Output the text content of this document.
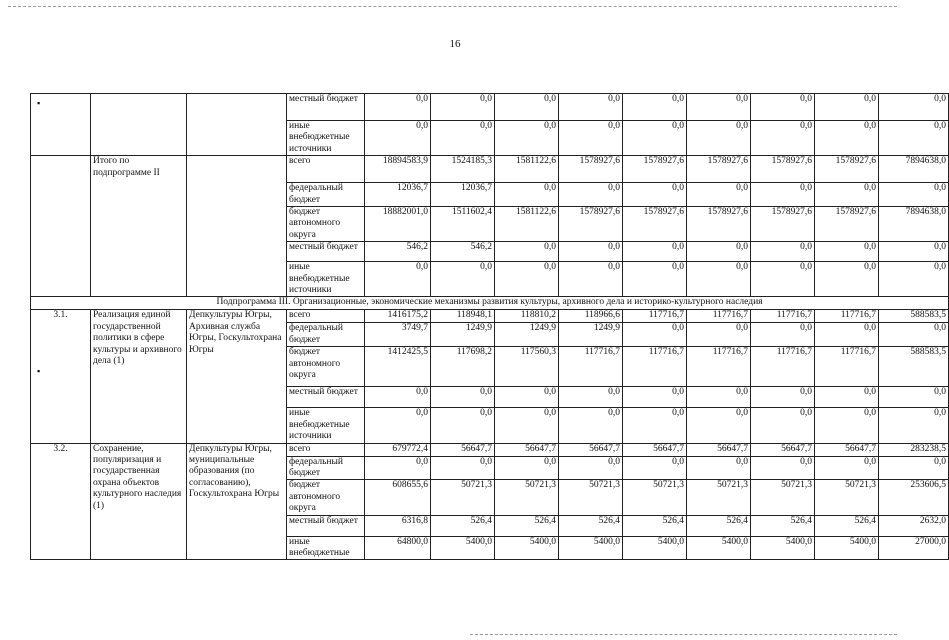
16
			местный бюджет	0,0	0,0	0,0	0,0	0,0	0,0	0,0	0,0	0,0
			иные внебюджетные источники	0,0	0,0	0,0	0,0	0,0	0,0	0,0	0,0	0,0
	Итого по подпрограмме II		всего	18894583,9	1524185,3	1581122,6	1578927,6	1578927,6	1578927,6	1578927,6	1578927,6	7894638,0
			федеральный бюджет	12036,7	12036,7	0,0	0,0	0,0	0,0	0,0	0,0	0,0
			бюджет автономного округа	18882001,0	1511602,4	1581122,6	1578927,6	1578927,6	1578927,6	1578927,6	1578927,6	7894638,0
			местный бюджет	546,2	546,2	0,0	0,0	0,0	0,0	0,0	0,0	0,0
			иные внебюджетные источники	0,0	0,0	0,0	0,0	0,0	0,0	0,0	0,0	0,0
Подпрограмма III. Организационные, экономические механизмы развития культуры, архивного дела и историко-культурного наследия												
3.1.	Реализация единой государственной политики в сфере культуры и архивного дела (1)	Депкультуры Югры, Архивная служба Югры, Госкультохрана Югры	всего	1416175,2	118948,1	118810,2	118966,6	117716,7	117716,7	117716,7	117716,7	588583,5
			федеральный бюджет	3749,7	1249,9	1249,9	1249,9	0,0	0,0	0,0	0,0	0,0
			бюджет автономного округа	1412425,5	117698,2	117560,3	117716,7	117716,7	117716,7	117716,7	117716,7	588583,5
			местный бюджет	0,0	0,0	0,0	0,0	0,0	0,0	0,0	0,0	0,0
			иные внебюджетные источники	0,0	0,0	0,0	0,0	0,0	0,0	0,0	0,0	0,0
3.2.	Сохранение, популяризация и государственная охрана объектов культурного наследия (1)	Депкультуры Югры, муниципальные образования (по согласованию), Госкультохрана Югры	всего	679772,4	56647,7	56647,7	56647,7	56647,7	56647,7	56647,7	56647,7	283238,5
			федеральный бюджет	0,0	0,0	0,0	0,0	0,0	0,0	0,0	0,0	0,0
			бюджет автономного округа	608655,6	50721,3	50721,3	50721,3	50721,3	50721,3	50721,3	50721,3	253606,5
			местный бюджет	6316,8	526,4	526,4	526,4	526,4	526,4	526,4	526,4	2632,0
			иные внебюджетные	64800,0	5400,0	5400,0	5400,0	5400,0	5400,0	5400,0	5400,0	27000,0
▪
▪
